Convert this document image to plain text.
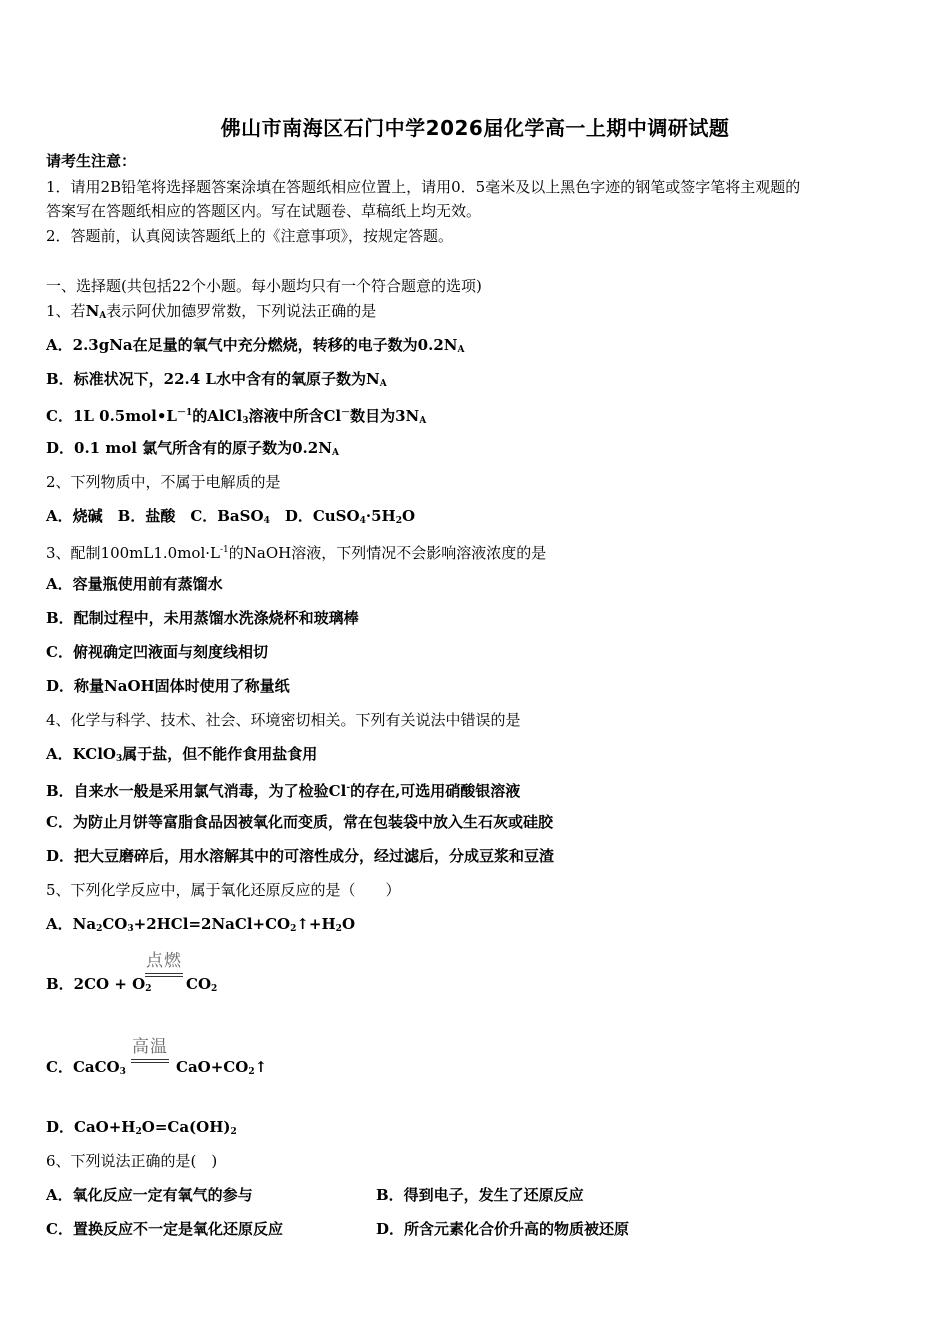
佛山市南海区石门中学2026届化学高一上期中调研试题
请考生注意：
1．请用2B铅笔将选择题答案涂填在答题纸相应位置上，请用0．5毫米及以上黑色字迹的钢笔或签字笔将主观题的
答案写在答题纸相应的答题区内。写在试题卷、草稿纸上均无效。
2．答题前，认真阅读答题纸上的《注意事项》，按规定答题。
一、选择题(共包括22个小题。每小题均只有一个符合题意的选项)
1、若$N_A$表示阿伏加德罗常数，下列说法正确的是
A．2.3gNa在足量的氧气中充分燃烧，转移的电子数为$0.2N_A$
B．标准状况下，22.4 L水中含有的氧原子数为$N_A$
C．1L $0.5mol•L^{-1}$的AlCl$_3$溶液中所含Cl－数目为$3N_A$
D．0.1 mol 氯气所含有的原子数为$0.2N_A$
2、下列物质中，不属于电解质的是
A．烧碱　B．盐酸　C．BaSO$_4$　D．$CuSO_4\cdot 5H_2O$
3、配制$100mL1.0mol\cdot L^{-1}$的NaOH溶液，下列情况不会影响溶液浓度的是
A．容量瓶使用前有蒸馏水
B．配制过程中，未用蒸馏水洗涤烧杯和玻璃棒
C．俯视确定凹液面与刻度线相切
D．称量NaOH固体时使用了称量纸
4、化学与科学、技术、社会、环境密切相关。下列有关说法中错误的是
A．KClO$_3$属于盐，但不能作食用盐食用
B．自来水一般是采用氯气消毒，为了检验Cl-的存在,可选用硝酸银溶液
C．为防止月饼等富脂食品因被氧化而变质，常在包装袋中放入生石灰或硅胶
D．把大豆磨碎后，用水溶解其中的可溶性成分，经过滤后，分成豆浆和豆渣
5、下列化学反应中，属于氧化还原反应的是（　　）
A．$Na_2CO_3+2HCl=2NaCl+CO_2↑+H_2O$
B．$2CO + O_2$
点燃
$CO_2$
C．CaCO$_3$
高温
$CaO+CO_2↑$
D．$CaO+H_2O=Ca(OH)_2$
6、下列说法正确的是(　)
A．氧化反应一定有氧气的参与	B．得到电子，发生了还原反应
C．置换反应不一定是氧化还原反应	D．所含元素化合价升高的物质被还原
